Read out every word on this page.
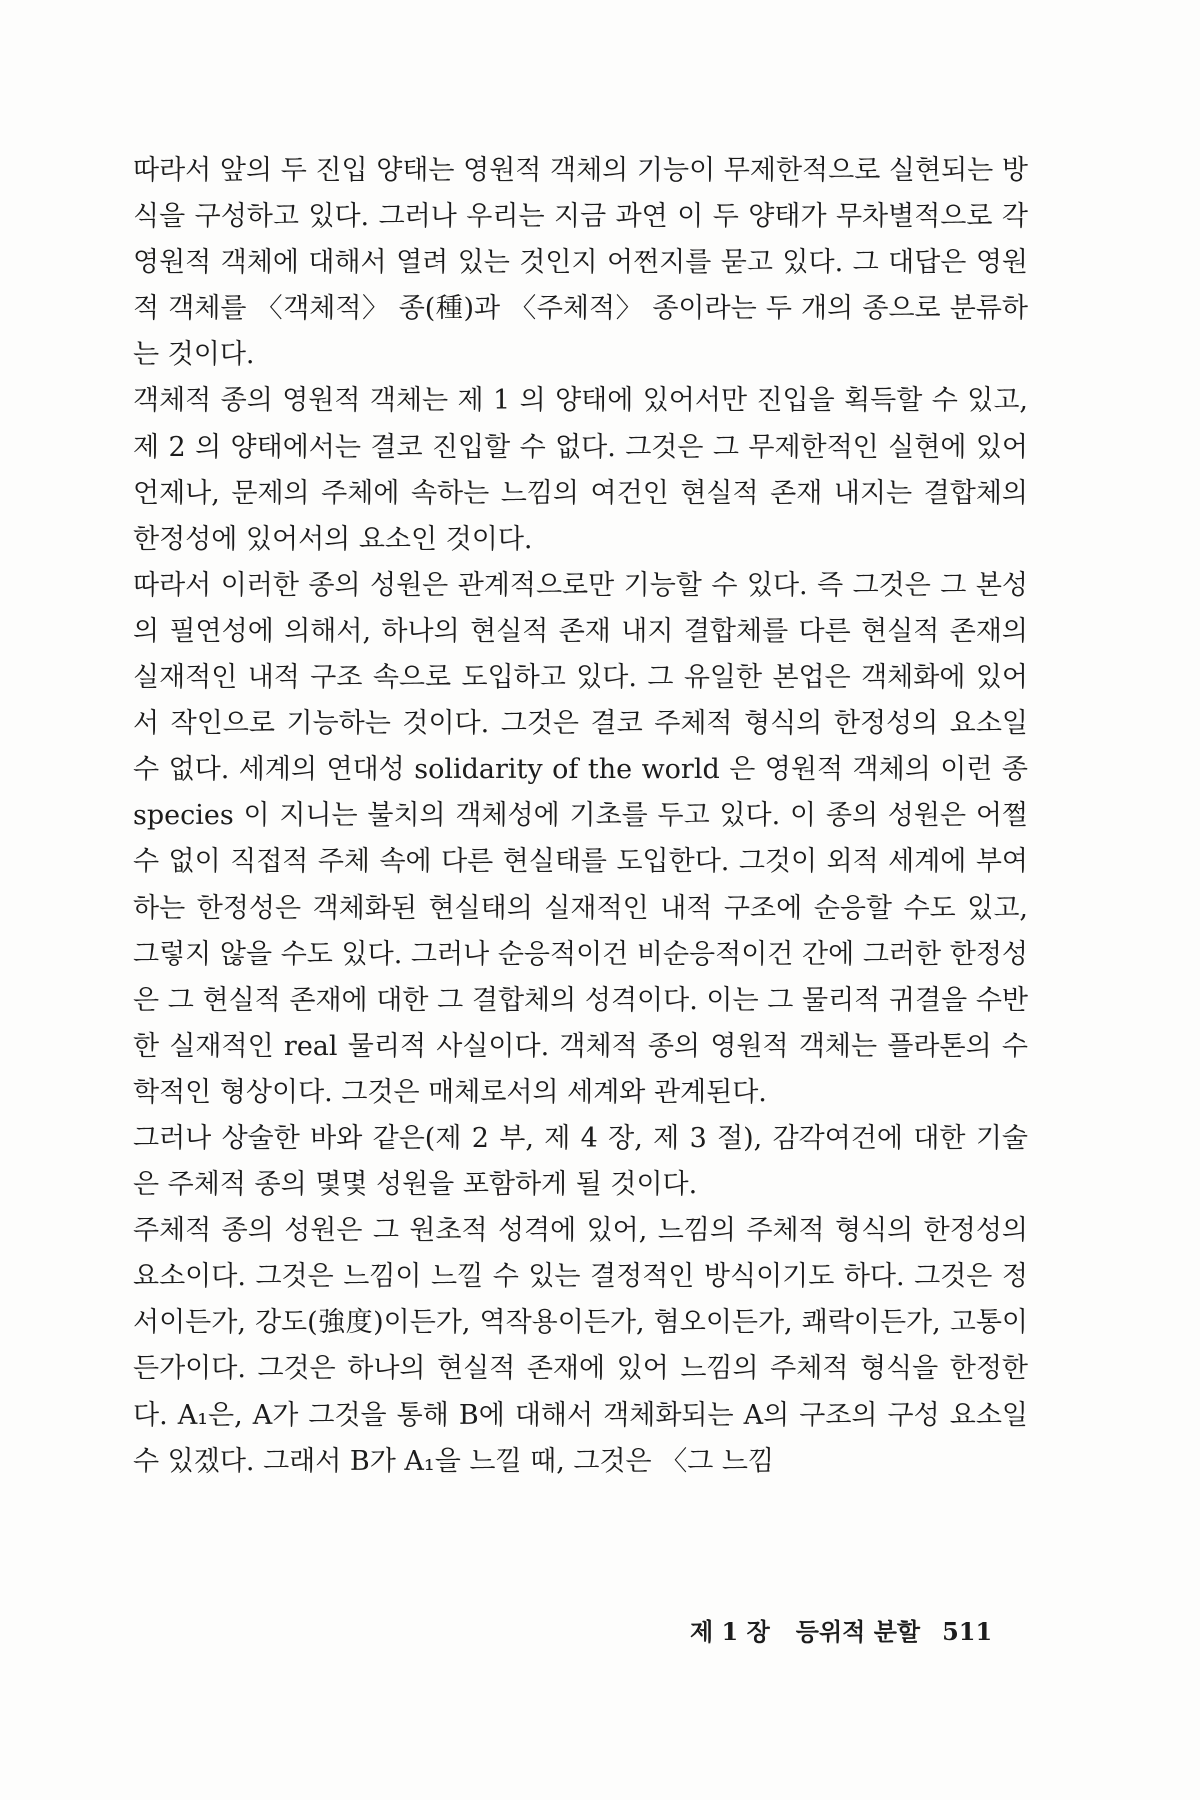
따라서 앞의 두 진입 양태는 영원적 객체의 기능이 무제한적으로 실현되는 방식을 구성하고 있다. 그러나 우리는 지금 과연 이 두 양태가 무차별적으로 각 영원적 객체에 대해서 열려 있는 것인지 어쩐지를 묻고 있다. 그 대답은 영원적 객체를 〈객체적〉 종(種)과 〈주체적〉 종이라는 두 개의 종으로 분류하는 것이다.

객체적 종의 영원적 객체는 제 1 의 양태에 있어서만 진입을 획득할 수 있고, 제 2 의 양태에서는 결코 진입할 수 없다. 그것은 그 무제한적인 실현에 있어 언제나, 문제의 주체에 속하는 느낌의 여건인 현실적 존재 내지는 결합체의 한정성에 있어서의 요소인 것이다.

따라서 이러한 종의 성원은 관계적으로만 기능할 수 있다. 즉 그것은 그 본성의 필연성에 의해서, 하나의 현실적 존재 내지 결합체를 다른 현실적 존재의 실재적인 내적 구조 속으로 도입하고 있다. 그 유일한 본업은 객체화에 있어서 작인으로 기능하는 것이다. 그것은 결코 주체적 형식의 한정성의 요소일 수 없다. 세계의 연대성 solidarity of the world 은 영원적 객체의 이런 종 species 이 지니는 불치의 객체성에 기초를 두고 있다. 이 종의 성원은 어쩔 수 없이 직접적 주체 속에 다른 현실태를 도입한다. 그것이 외적 세계에 부여하는 한정성은 객체화된 현실태의 실재적인 내적 구조에 순응할 수도 있고, 그렇지 않을 수도 있다. 그러나 순응적이건 비순응적이건 간에 그러한 한정성은 그 현실적 존재에 대한 그 결합체의 성격이다. 이는 그 물리적 귀결을 수반한 실재적인 real 물리적 사실이다. 객체적 종의 영원적 객체는 플라톤의 수학적인 형상이다. 그것은 매체로서의 세계와 관계된다.

그러나 상술한 바와 같은(제 2 부, 제 4 장, 제 3 절), 감각여건에 대한 기술은 주체적 종의 몇몇 성원을 포함하게 될 것이다.

주체적 종의 성원은 그 원초적 성격에 있어, 느낌의 주체적 형식의 한정성의 요소이다. 그것은 느낌이 느낄 수 있는 결정적인 방식이기도 하다. 그것은 정서이든가, 강도(強度)이든가, 역작용이든가, 혐오이든가, 쾌락이든가, 고통이든가이다. 그것은 하나의 현실적 존재에 있어 느낌의 주체적 형식을 한정한다. A₁은, A가 그것을 통해 B에 대해서 객체화되는 A의 구조의 구성 요소일 수 있겠다. 그래서 B가 A₁을 느낄 때, 그것은 〈그 느낌

제 1 장 등위적 분할 511
